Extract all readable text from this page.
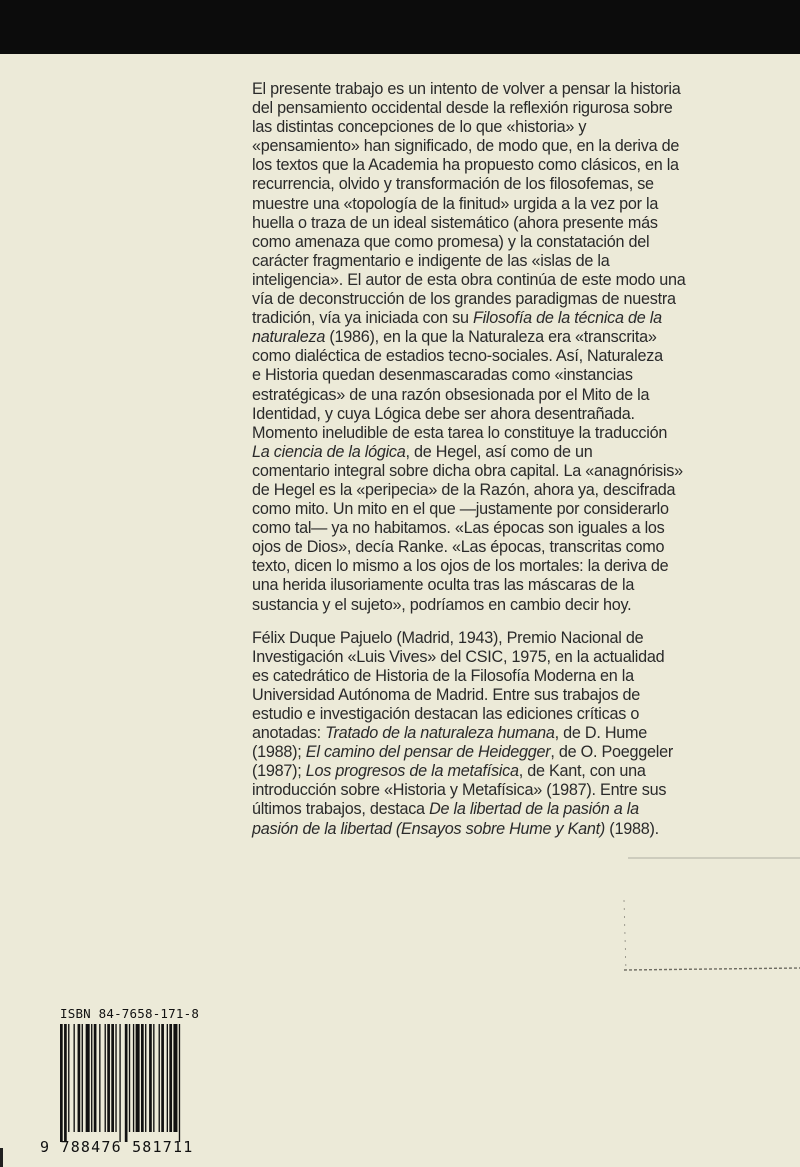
El presente trabajo es un intento de volver a pensar la historia
del pensamiento occidental desde la reflexión rigurosa sobre
las distintas concepciones de lo que «historia» y
«pensamiento» han significado, de modo que, en la deriva de
los textos que la Academia ha propuesto como clásicos, en la
recurrencia, olvido y transformación de los filosofemas, se
muestre una «topología de la finitud» urgida a la vez por la
huella o traza de un ideal sistemático (ahora presente más
como amenaza que como promesa) y la constatación del
carácter fragmentario e indigente de las «islas de la
inteligencia». El autor de esta obra continúa de este modo una
vía de deconstrucción de los grandes paradigmas de nuestra
tradición, vía ya iniciada con su Filosofía de la técnica de la
naturaleza (1986), en la que la Naturaleza era «transcrita»
como dialéctica de estadios tecno-sociales. Así, Naturaleza
e Historia quedan desenmascaradas como «instancias
estratégicas» de una razón obsesionada por el Mito de la
Identidad, y cuya Lógica debe ser ahora desentrañada.
Momento ineludible de esta tarea lo constituye la traducción
La ciencia de la lógica, de Hegel, así como de un
comentario integral sobre dicha obra capital. La «anagnórisis»
de Hegel es la «peripecia» de la Razón, ahora ya, descifrada
como mito. Un mito en el que —justamente por considerarlo
como tal— ya no habitamos. «Las épocas son iguales a los
ojos de Dios», decía Ranke. «Las épocas, transcritas como
texto, dicen lo mismo a los ojos de los mortales: la deriva de
una herida ilusoriamente oculta tras las máscaras de la
sustancia y el sujeto», podríamos en cambio decir hoy.
Félix Duque Pajuelo (Madrid, 1943), Premio Nacional de
Investigación «Luis Vives» del CSIC, 1975, en la actualidad
es catedrático de Historia de la Filosofía Moderna en la
Universidad Autónoma de Madrid. Entre sus trabajos de
estudio e investigación destacan las ediciones críticas o
anotadas: Tratado de la naturaleza humana, de D. Hume
(1988); El camino del pensar de Heidegger, de O. Poeggeler
(1987); Los progresos de la metafísica, de Kant, con una
introducción sobre «Historia y Metafísica» (1987). Entre sus
últimos trabajos, destaca De la libertad de la pasión a la
pasión de la libertad (Ensayos sobre Hume y Kant) (1988).
ISBN 84-7658-171-8
9 788476 581711
